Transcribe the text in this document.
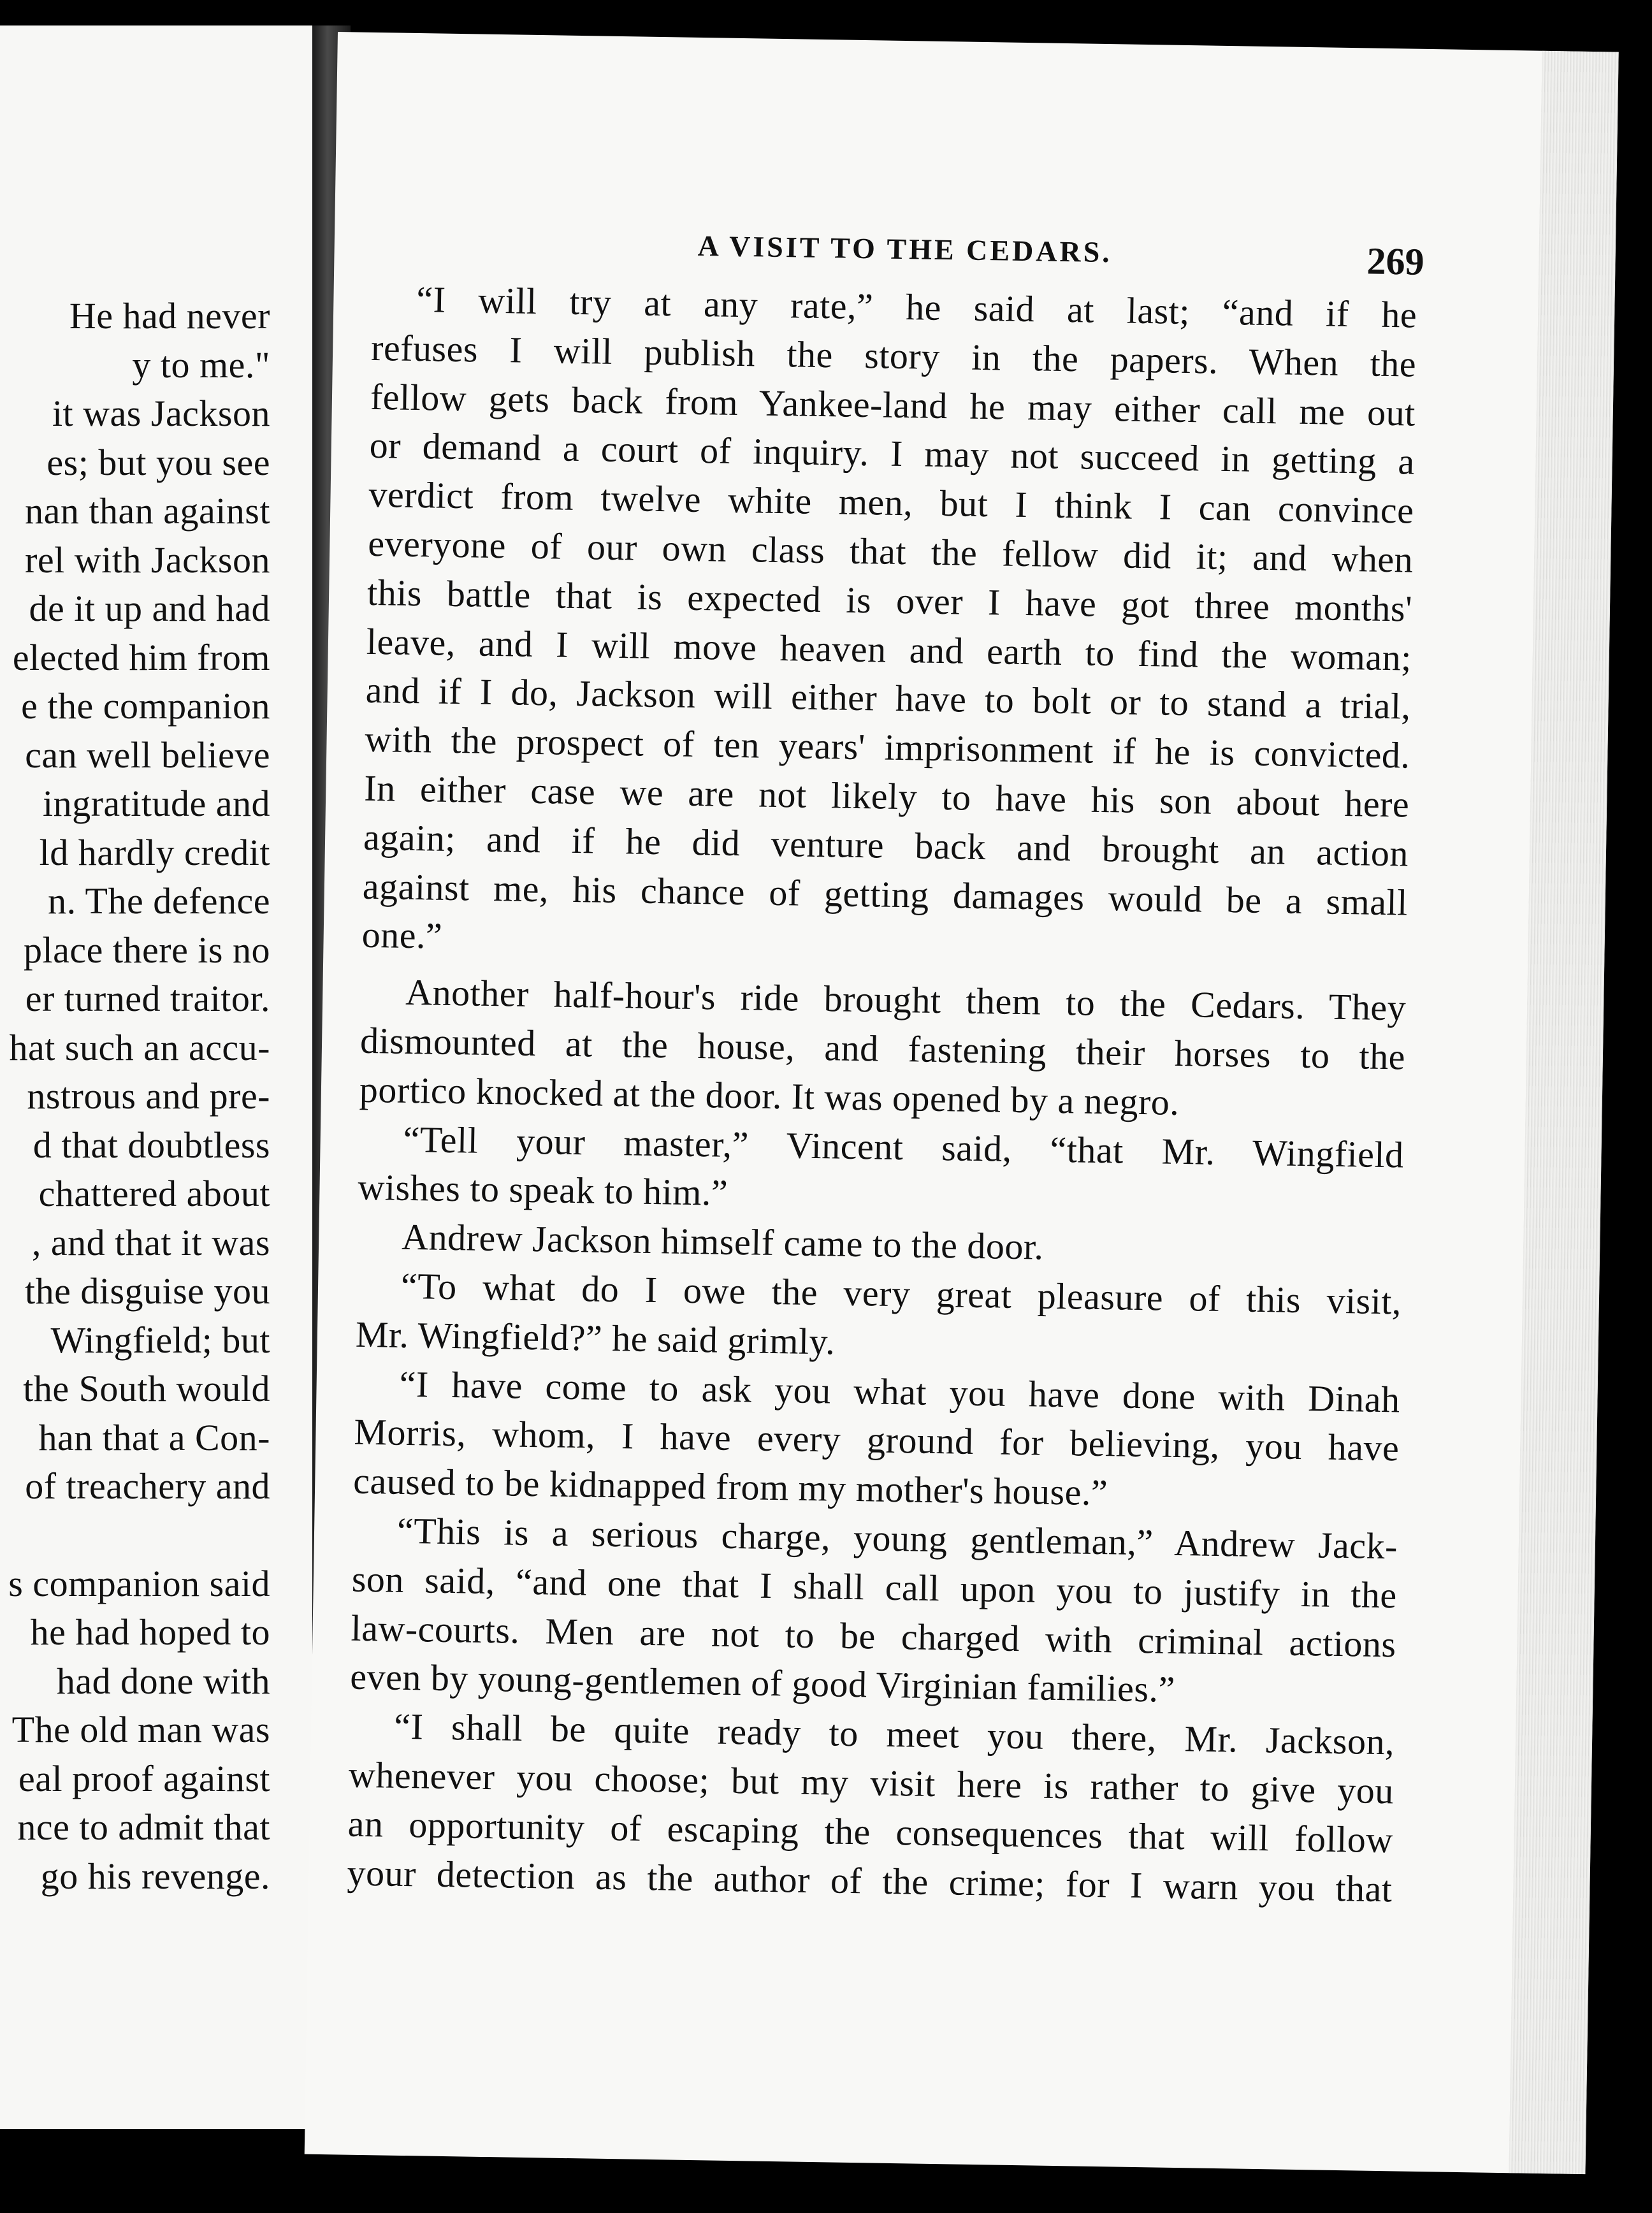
He had never
y to me."
it was Jackson
es; but you see
nan than against
rel with Jackson
de it up and had
elected him from
e the companion
can well believe
ingratitude and
ld hardly credit
n. The defence
place there is no
er turned traitor.
hat such an accu-
nstrous and pre-
d that doubtless
chattered about
, and that it was
the disguise you
Wingfield; but
the South would
han that a Con-
of treachery and
s companion said
he had hoped to
had done with
The old man was
eal proof against
nce to admit that
go his revenge.
A VISIT TO THE CEDARS.	269
“I will try at any rate,” he said at last; “and if he
refuses I will publish the story in the papers. When the
fellow gets back from Yankee-land he may either call me out
or demand a court of inquiry. I may not succeed in getting a
verdict from twelve white men, but I think I can convince
everyone of our own class that the fellow did it; and when
this battle that is expected is over I have got three months'
leave, and I will move heaven and earth to find the woman;
and if I do, Jackson will either have to bolt or to stand a trial,
with the prospect of ten years' imprisonment if he is convicted.
In either case we are not likely to have his son about here
again; and if he did venture back and brought an action
against me, his chance of getting damages would be a small
one.”
Another half-hour's ride brought them to the Cedars. They
dismounted at the house, and fastening their horses to the
portico knocked at the door. It was opened by a negro.
“Tell your master,” Vincent said, “that Mr. Wingfield
wishes to speak to him.”
Andrew Jackson himself came to the door.
“To what do I owe the very great pleasure of this visit,
Mr. Wingfield?” he said grimly.
“I have come to ask you what you have done with Dinah
Morris, whom, I have every ground for believing, you have
caused to be kidnapped from my mother's house.”
“This is a serious charge, young gentleman,” Andrew Jack-
son said, “and one that I shall call upon you to justify in the
law-courts. Men are not to be charged with criminal actions
even by young-gentlemen of good Virginian families.”
“I shall be quite ready to meet you there, Mr. Jackson,
whenever you choose; but my visit here is rather to give you
an opportunity of escaping the consequences that will follow
your detection as the author of the crime; for I warn you that
